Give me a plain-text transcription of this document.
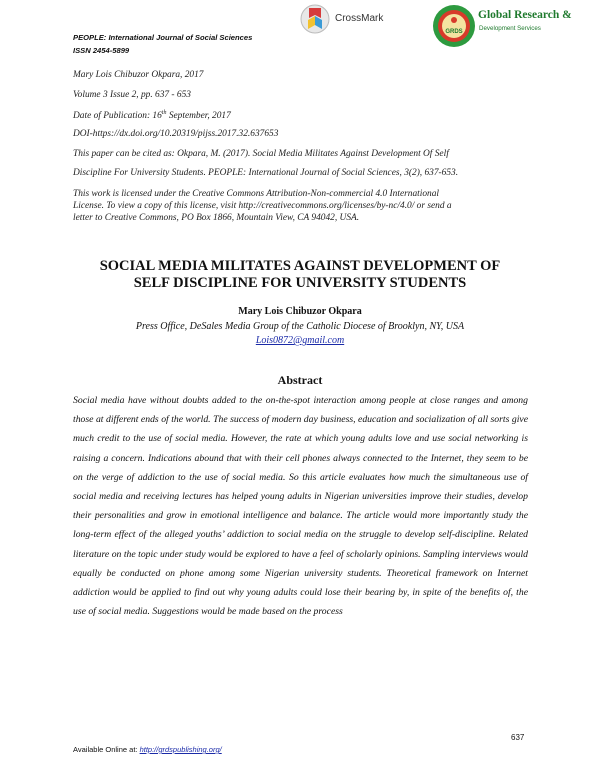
PEOPLE: International Journal of Social Sciences
ISSN 2454-5899
CrossMark
GRDS
Global Research &
Development Services
Mary Lois Chibuzor Okpara, 2017
Volume 3 Issue 2, pp. 637 - 653
Date of Publication: 16th September, 2017
DOI-https://dx.doi.org/10.20319/pijss.2017.32.637653
This paper can be cited as: Okpara, M. (2017). Social Media Militates Against Development Of Self
Discipline For University Students. PEOPLE: International Journal of Social Sciences, 3(2), 637-653.
This work is licensed under the Creative Commons Attribution-Non-commercial 4.0 International
License. To view a copy of this license, visit http://creativecommons.org/licenses/by-nc/4.0/ or send a
letter to Creative Commons, PO Box 1866, Mountain View, CA 94042, USA.
SOCIAL MEDIA MILITATES AGAINST DEVELOPMENT OF
SELF DISCIPLINE FOR UNIVERSITY STUDENTS
Mary Lois Chibuzor Okpara
Press Office, DeSales Media Group of the Catholic Diocese of Brooklyn, NY, USA
Lois0872@gmail.com
Abstract

Social media have without doubts added to the on-the-spot interaction among people at close ranges and among those at different ends of the world. The success of modern day business, education and socialization of all sorts give much credit to the use of social media. However, the rate at which young adults love and use social networking is raising a concern. Indications abound that with their cell phones always connected to the Internet, they seem to be on the verge of addiction to the use of social media. So this article evaluates how much the simultaneous use of social media and receiving lectures has helped young adults in Nigerian universities improve their studies, develop their personalities and grow in emotional intelligence and balance. The article would more importantly study the long-term effect of the alleged youths’ addiction to social media on the struggle to develop self-discipline. Related literature on the topic under study would be explored to have a feel of scholarly opinions. Sampling interviews would equally be conducted on phone among some Nigerian university students. Theoretical framework on Internet addiction would be applied to find out why young adults could lose their bearing by, in spite of the benefits of, the use of social media. Suggestions would be made based on the process

637
Available Online at: http://grdspublishing.org/
